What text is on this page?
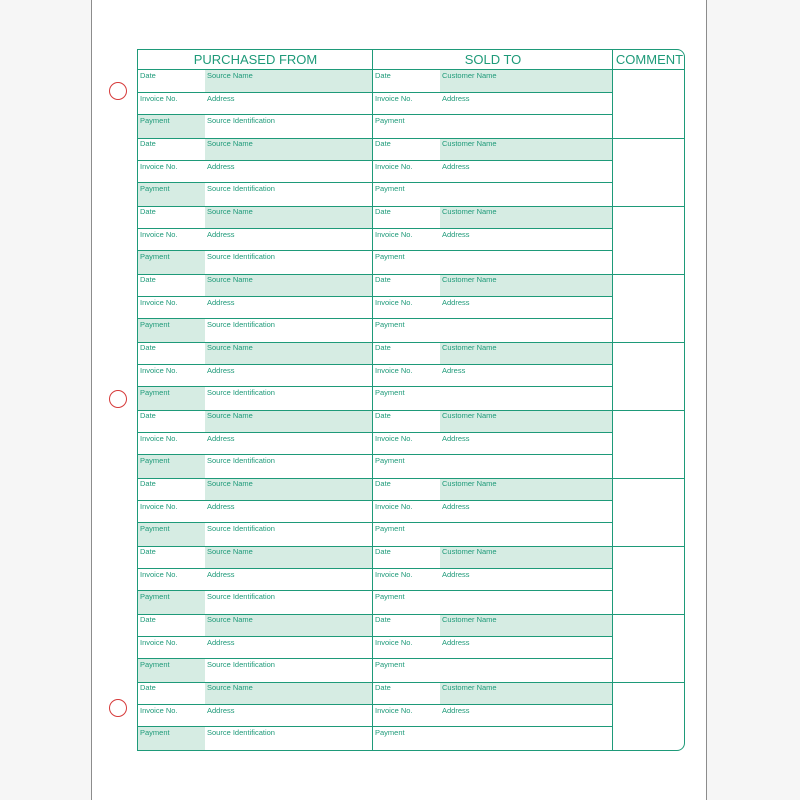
PURCHASED FROM	SOLD TO	COMMENT
Date
Invoice No.
Payment
Source Name
Address
Source Identification
Date
Invoice No.
Payment
Customer Name
Address
Date
Invoice No.
Payment
Source Name
Address
Source Identification
Date
Invoice No.
Payment
Customer Name
Address
Date
Invoice No.
Payment
Source Name
Address
Source Identification
Date
Invoice No.
Payment
Customer Name
Address
Date
Invoice No.
Payment
Source Name
Address
Source Identification
Date
Invoice No.
Payment
Customer Name
Address
Date
Invoice No.
Payment
Source Name
Address
Source Identification
Date
Invoice No.
Payment
Customer Name
Adress
Date
Invoice No.
Payment
Source Name
Address
Source Identification
Date
Invoice No.
Payment
Customer Name
Address
Date
Invoice No.
Payment
Source Name
Address
Source Identification
Date
Invoice No.
Payment
Customer Name
Address
Date
Invoice No.
Payment
Source Name
Address
Source Identification
Date
Invoice No.
Payment
Customer Name
Address
Date
Invoice No.
Payment
Source Name
Address
Source Identification
Date
Invoice No.
Payment
Customer Name
Address
Date
Invoice No.
Payment
Source Name
Address
Source Identification
Date
Invoice No.
Payment
Customer Name
Address
